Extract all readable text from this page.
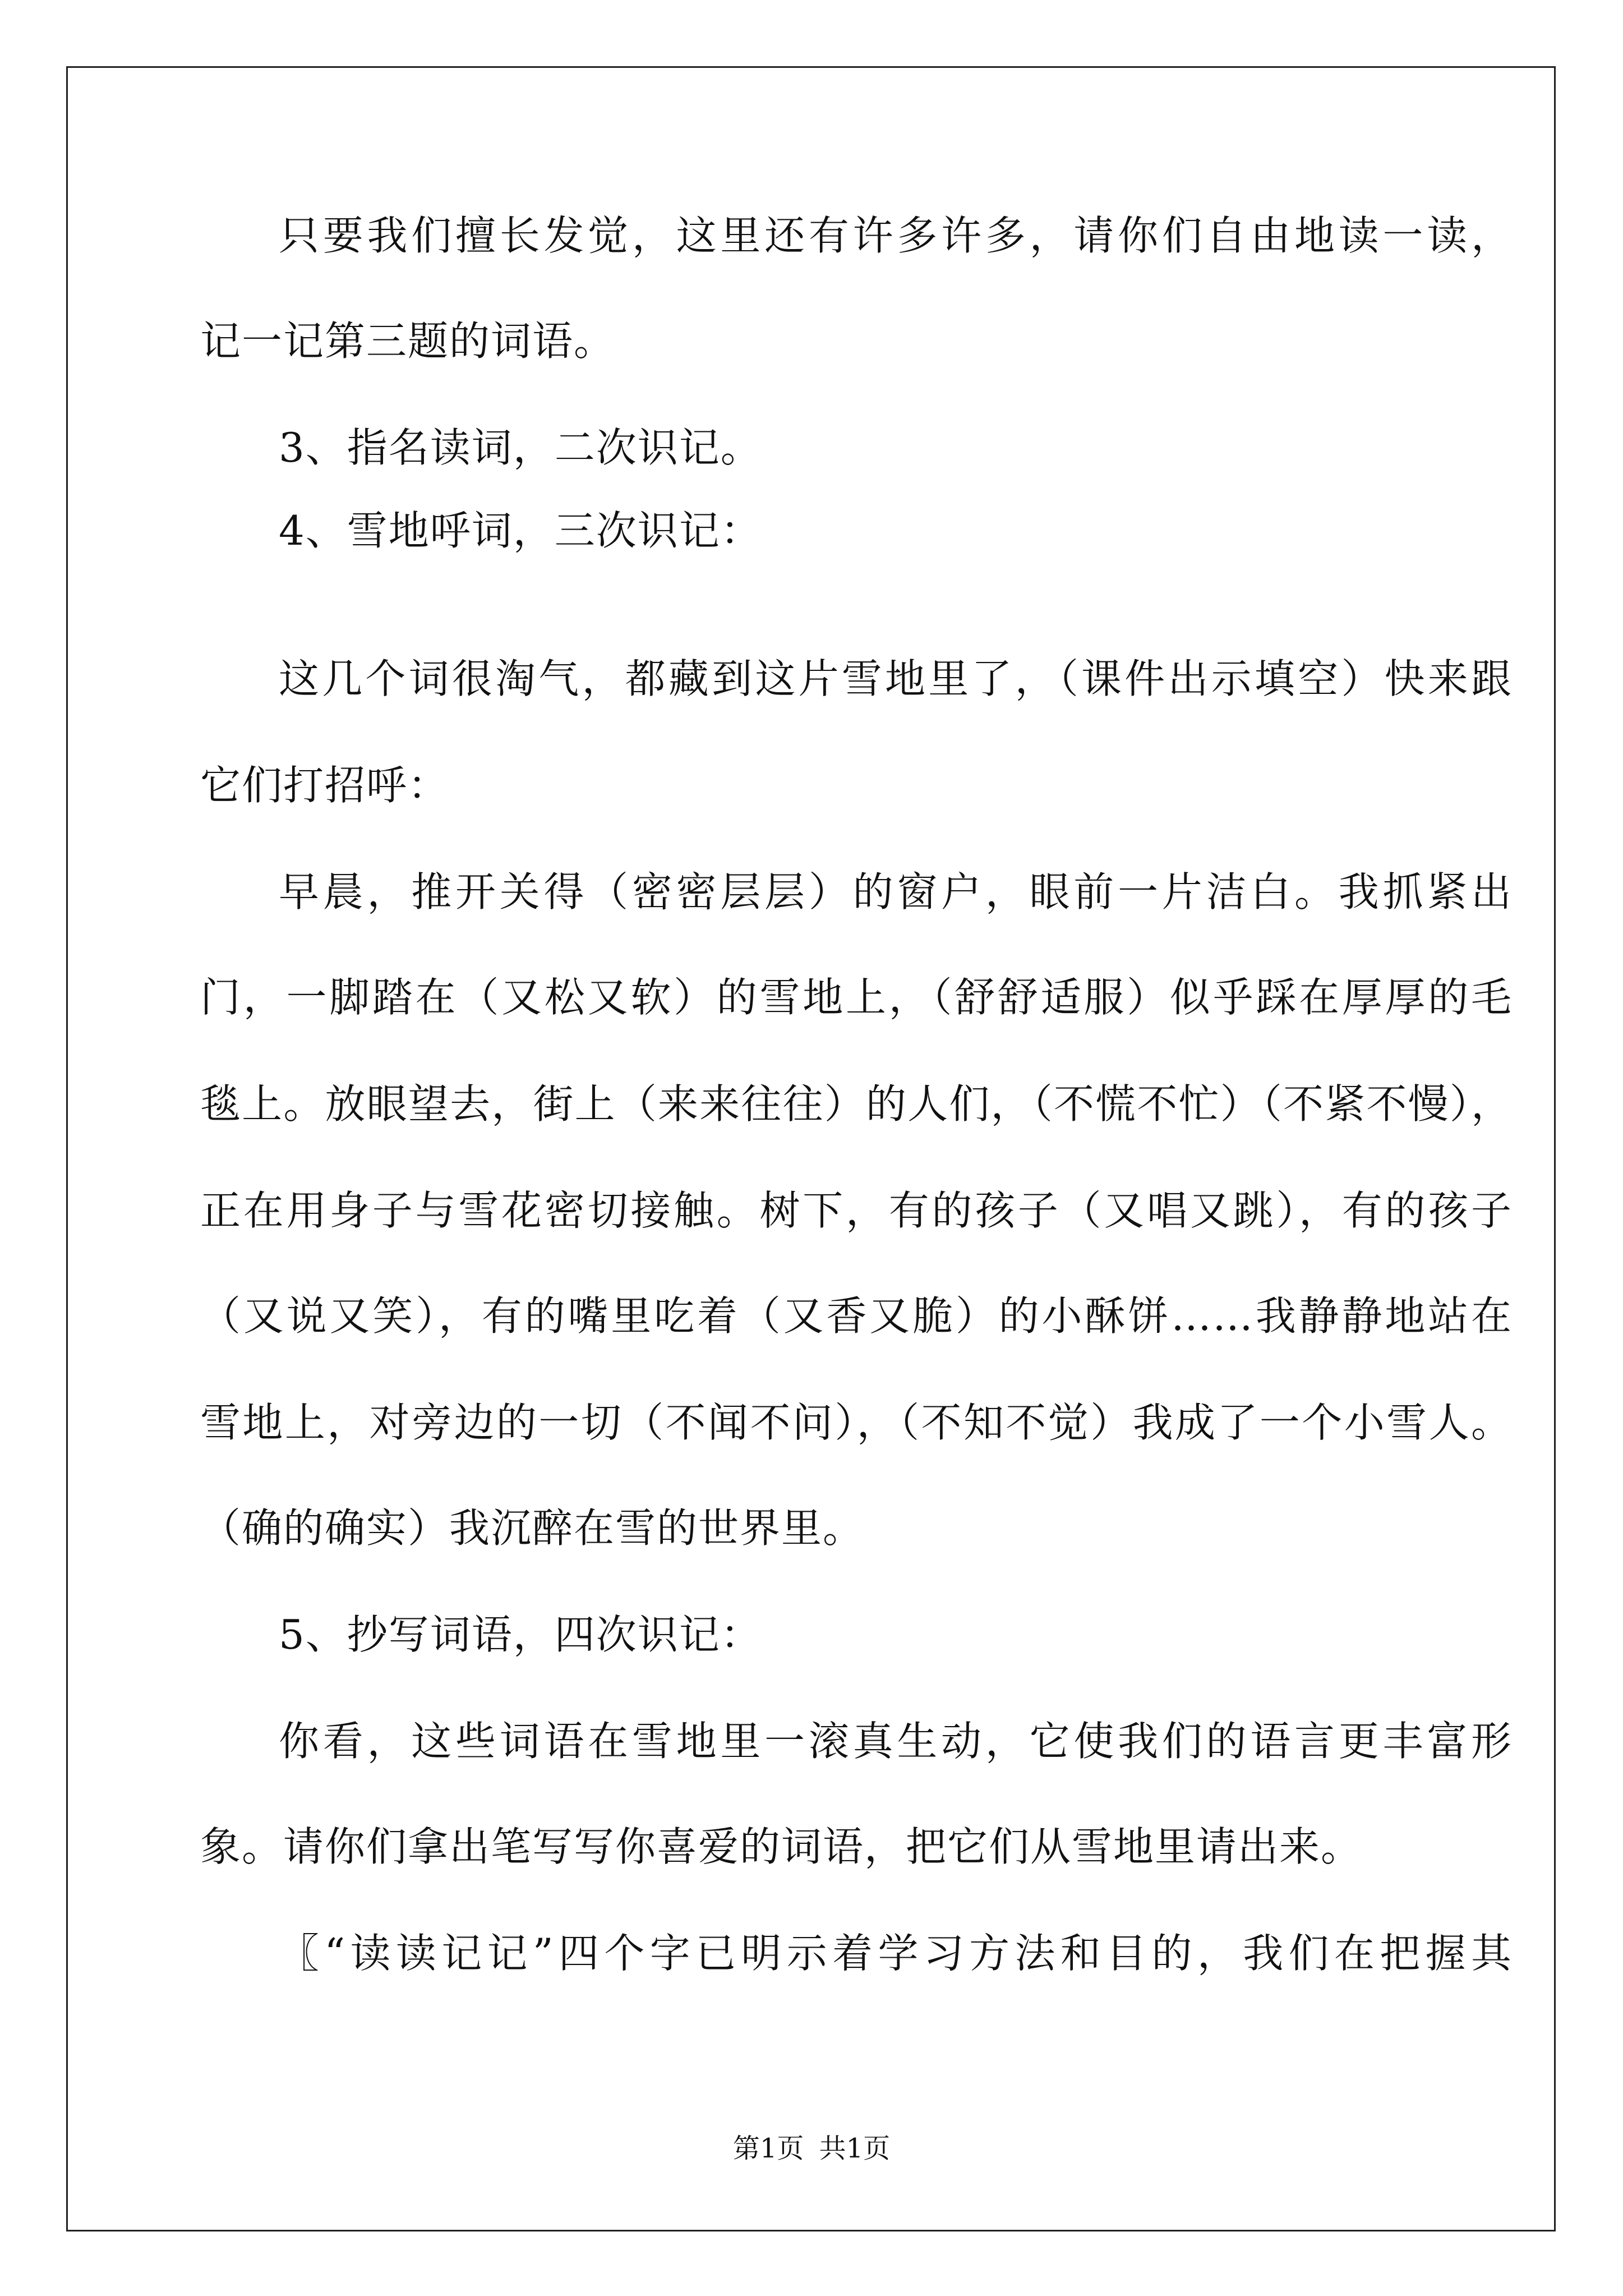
只要我们擅长发觉，这里还有许多许多，请你们自由地读一读，
记一记第三题的词语。
3、指名读词，二次识记。
4、雪地呼词，三次识记：
这几个词很淘气，都藏到这片雪地里了，（课件出示填空）快来跟
它们打招呼：
早晨，推开关得（密密层层）的窗户，眼前一片洁白。我抓紧出
门，一脚踏在（又松又软）的雪地上，（舒舒适服）似乎踩在厚厚的毛
毯上。放眼望去，街上（来来往往）的人们，（不慌不忙）（不紧不慢），
正在用身子与雪花密切接触。树下，有的孩子（又唱又跳），有的孩子
（又说又笑），有的嘴里吃着（又香又脆）的小酥饼……我静静地站在
雪地上，对旁边的一切（不闻不问），（不知不觉）我成了一个小雪人。
（确的确实）我沉醉在雪的世界里。
5、抄写词语，四次识记：
你看，这些词语在雪地里一滚真生动，它使我们的语言更丰富形
象。请你们拿出笔写写你喜爱的词语，把它们从雪地里请出来。
〖“读读记记”四个字已明示着学习方法和目的，我们在把握其
第1页 共1页
